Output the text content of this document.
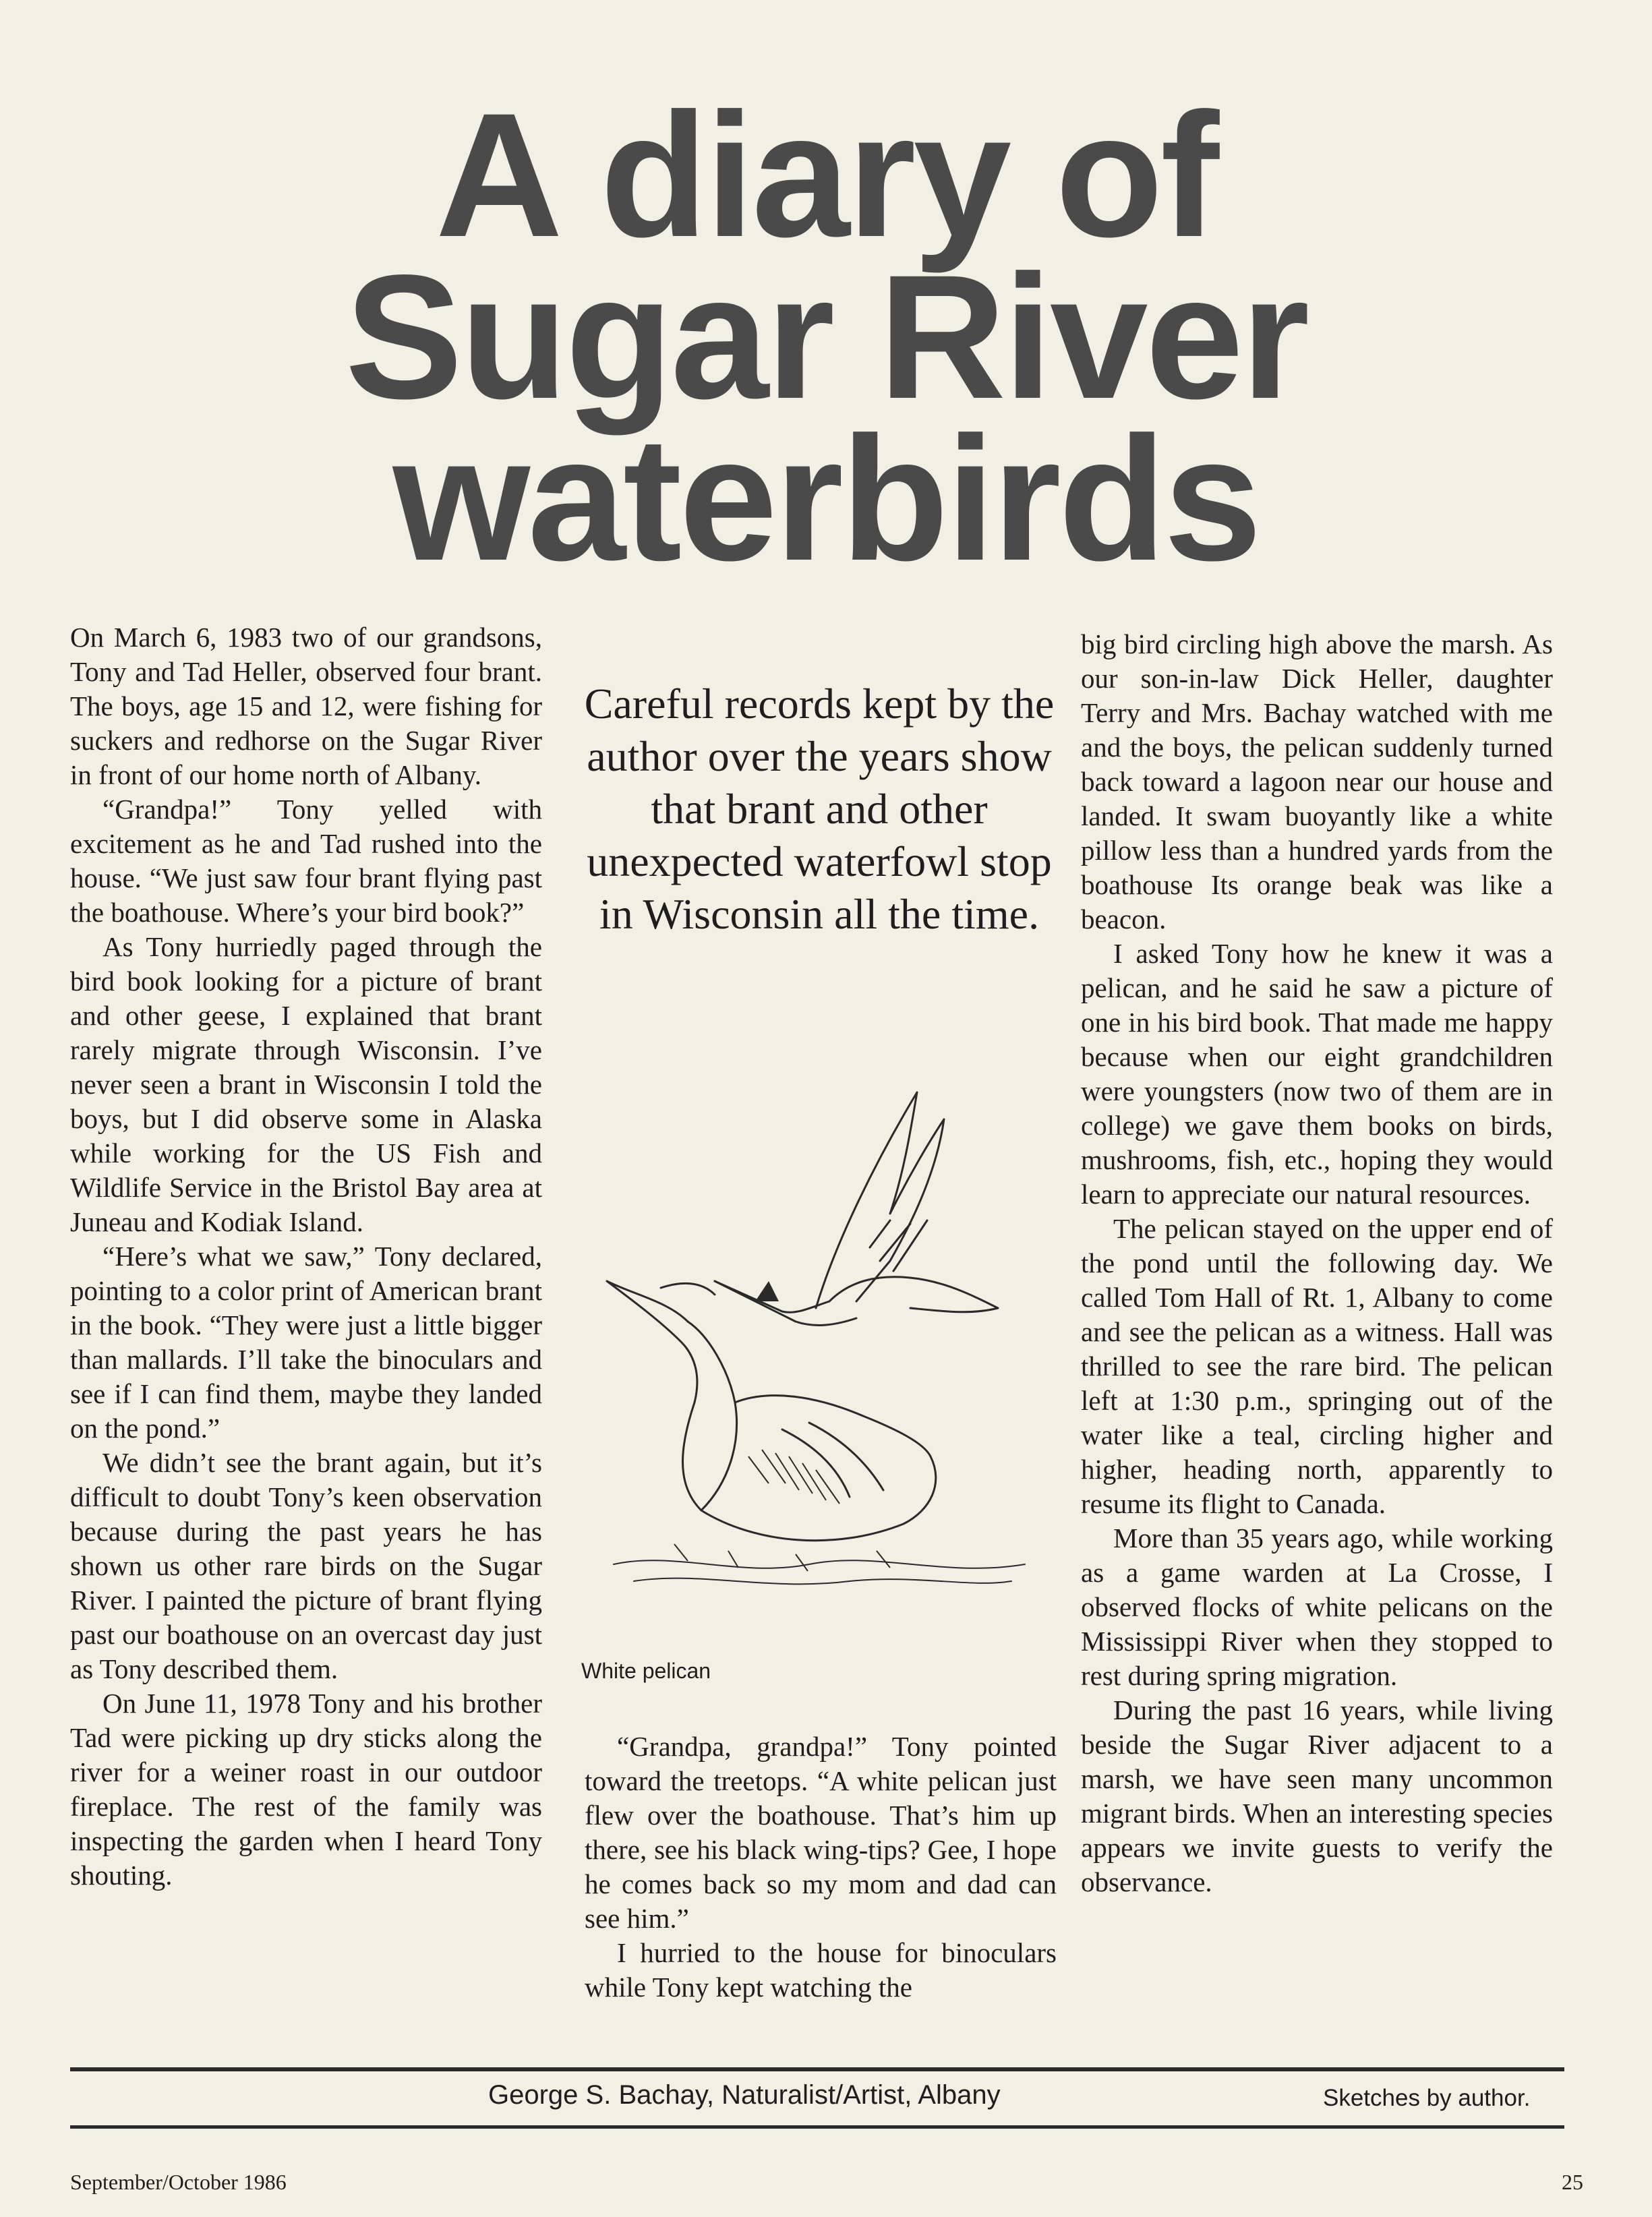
A diary of
Sugar River
waterbirds

On March 6, 1983 two of our grandsons, Tony and Tad Heller, observed four brant. The boys, age 15 and 12, were fishing for suckers and redhorse on the Sugar River in front of our home north of Albany.

“Grandpa!” Tony yelled with excitement as he and Tad rushed into the house. “We just saw four brant flying past the boathouse. Where’s your bird book?”

As Tony hurriedly paged through the bird book looking for a picture of brant and other geese, I explained that brant rarely migrate through Wisconsin. I’ve never seen a brant in Wisconsin I told the boys, but I did observe some in Alaska while working for the US Fish and Wildlife Service in the Bristol Bay area at Juneau and Kodiak Island.

“Here’s what we saw,” Tony declared, pointing to a color print of American brant in the book. “They were just a little bigger than mallards. I’ll take the binoculars and see if I can find them, maybe they landed on the pond.”

We didn’t see the brant again, but it’s difficult to doubt Tony’s keen observation because during the past years he has shown us other rare birds on the Sugar River. I painted the picture of brant flying past our boathouse on an overcast day just as Tony described them.

On June 11, 1978 Tony and his brother Tad were picking up dry sticks along the river for a weiner roast in our outdoor fireplace. The rest of the family was inspecting the garden when I heard Tony shouting.

Careful records kept by the author over the years show that brant and other unexpected waterfowl stop in Wisconsin all the time.
White pelican

“Grandpa, grandpa!” Tony pointed toward the treetops. “A white pelican just flew over the boathouse. That’s him up there, see his black wing-tips? Gee, I hope he comes back so my mom and dad can see him.”

I hurried to the house for binoculars while Tony kept watching the

big bird circling high above the marsh. As our son-in-law Dick Heller, daughter Terry and Mrs. Bachay watched with me and the boys, the pelican suddenly turned back toward a lagoon near our house and landed. It swam buoyantly like a white pillow less than a hundred yards from the boathouse Its orange beak was like a beacon.

I asked Tony how he knew it was a pelican, and he said he saw a picture of one in his bird book. That made me happy because when our eight grandchildren were youngsters (now two of them are in college) we gave them books on birds, mushrooms, fish, etc., hoping they would learn to appreciate our natural resources.

The pelican stayed on the upper end of the pond until the following day. We called Tom Hall of Rt. 1, Albany to come and see the pelican as a witness. Hall was thrilled to see the rare bird. The pelican left at 1:30 p.m., springing out of the water like a teal, circling higher and higher, heading north, apparently to resume its flight to Canada.

More than 35 years ago, while working as a game warden at La Crosse, I observed flocks of white pelicans on the Mississippi River when they stopped to rest during spring migration.

During the past 16 years, while living beside the Sugar River adjacent to a marsh, we have seen many uncommon migrant birds. When an interesting species appears we invite guests to verify the observance.

George S. Bachay, Naturalist/Artist, Albany	Sketches by author.
September/October 1986	25
